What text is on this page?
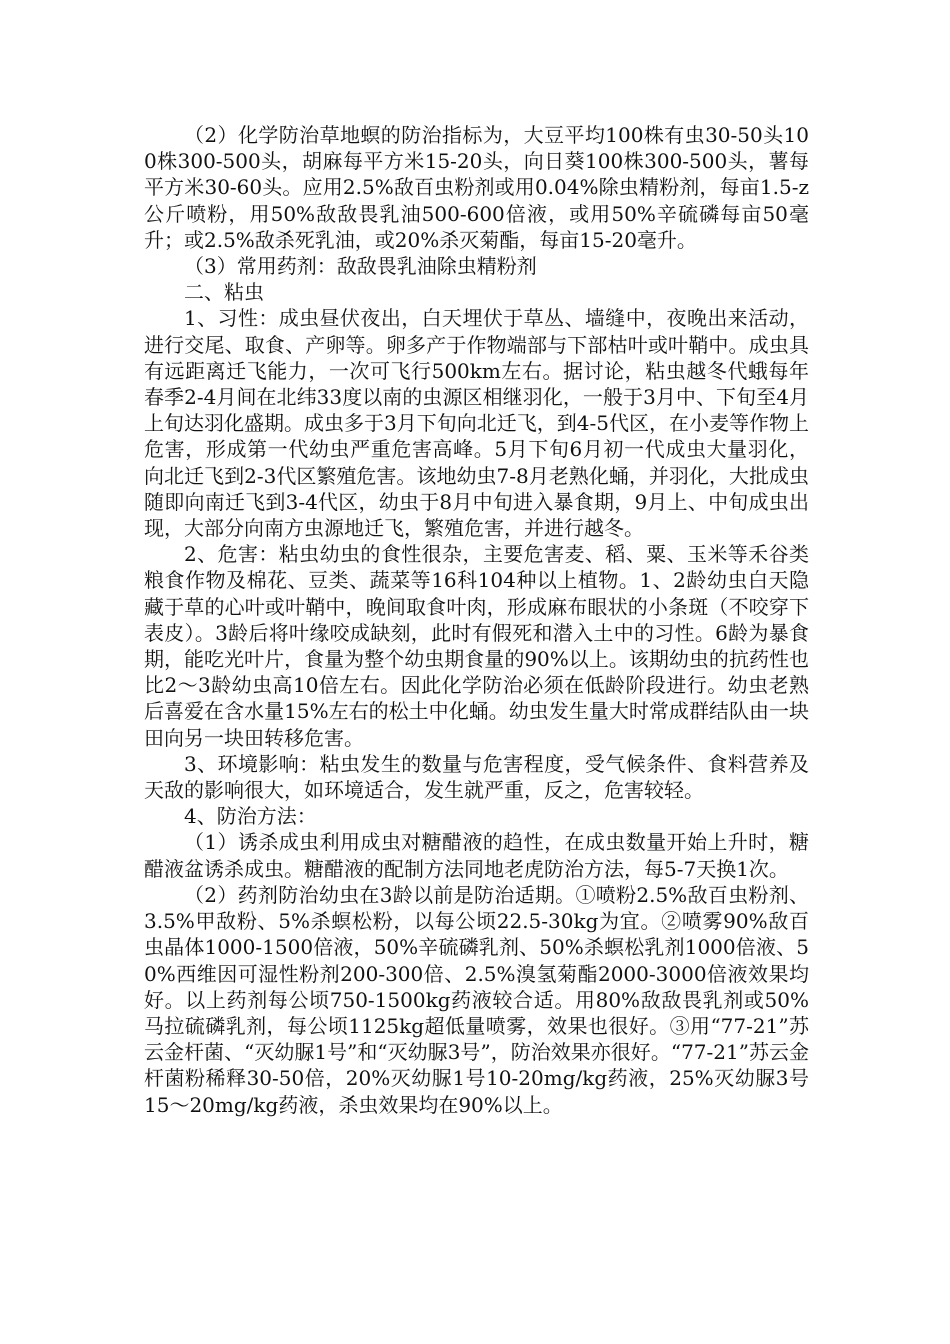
（2）化学防治草地螟的防治指标为，大豆平均100株有虫30-50头100株300-500头，胡麻每平方米15-20头，向日葵100株300-500头，薯每平方米30-60头。应用2.5%敌百虫粉剂或用0.04%除虫精粉剂，每亩1.5-z公斤喷粉，用50%敌敌畏乳油500-600倍液，或用50%辛硫磷每亩50毫升；或2.5%敌杀死乳油，或20%杀灭菊酯，每亩15-20毫升。

（3）常用药剂：敌敌畏乳油除虫精粉剂

二、粘虫

1、习性：成虫昼伏夜出，白天埋伏于草丛、墙缝中，夜晚出来活动，进行交尾、取食、产卵等。卵多产于作物端部与下部枯叶或叶鞘中。成虫具有远距离迁飞能力，一次可飞行500km左右。据讨论，粘虫越冬代蛾每年春季2-4月间在北纬33度以南的虫源区相继羽化，一般于3月中、下旬至4月上旬达羽化盛期。成虫多于3月下旬向北迁飞，到4-5代区，在小麦等作物上危害，形成第一代幼虫严重危害高峰。5月下旬6月初一代成虫大量羽化，向北迁飞到2-3代区繁殖危害。该地幼虫7-8月老熟化蛹，并羽化，大批成虫随即向南迁飞到3-4代区，幼虫于8月中旬进入暴食期，9月上、中旬成虫出现，大部分向南方虫源地迁飞，繁殖危害，并进行越冬。

2、危害：粘虫幼虫的食性很杂，主要危害麦、稻、粟、玉米等禾谷类粮食作物及棉花、豆类、蔬菜等16科104种以上植物。1、2龄幼虫白天隐藏于草的心叶或叶鞘中，晚间取食叶肉，形成麻布眼状的小条斑（不咬穿下表皮）。3龄后将叶缘咬成缺刻，此时有假死和潜入土中的习性。6龄为暴食期，能吃光叶片，食量为整个幼虫期食量的90%以上。该期幼虫的抗药性也比2～3龄幼虫高10倍左右。因此化学防治必须在低龄阶段进行。幼虫老熟后喜爱在含水量15%左右的松土中化蛹。幼虫发生量大时常成群结队由一块田向另一块田转移危害。

3、环境影响：粘虫发生的数量与危害程度，受气候条件、食料营养及天敌的影响很大，如环境适合，发生就严重，反之，危害较轻。

4、防治方法：

（1）诱杀成虫利用成虫对糖醋液的趋性，在成虫数量开始上升时，糖醋液盆诱杀成虫。糖醋液的配制方法同地老虎防治方法，每5-7天换1次。

（2）药剂防治幼虫在3龄以前是防治适期。①喷粉2.5%敌百虫粉剂、3.5%甲敌粉、5%杀螟松粉，以每公顷22.5-30kg为宜。②喷雾90%敌百虫晶体1000-1500倍液，50%辛硫磷乳剂、50%杀螟松乳剂1000倍液、50%西维因可湿性粉剂200-300倍、2.5%溴氢菊酯2000-3000倍液效果均好。以上药剂每公顷750-1500kg药液较合适。用80%敌敌畏乳剂或50%马拉硫磷乳剂，每公顷1125kg超低量喷雾，效果也很好。③用“77-21”苏云金杆菌、“灭幼脲1号”和“灭幼脲3号”，防治效果亦很好。“77-21”苏云金杆菌粉稀释30-50倍，20%灭幼脲1号10-20mg/kg药液，25%灭幼脲3号15～20mg/kg药液，杀虫效果均在90%以上。
